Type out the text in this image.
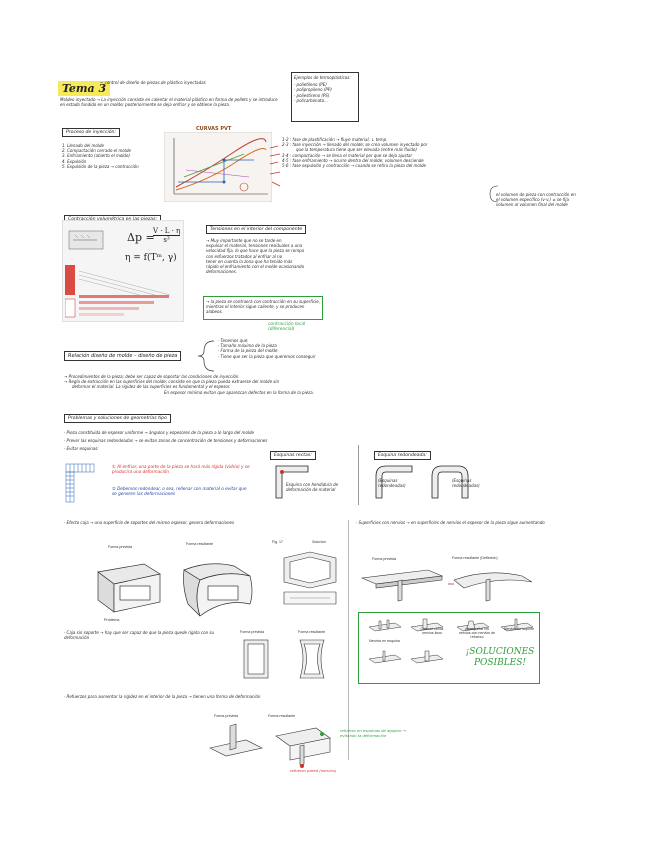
Tema 3
~ control de diseño de piezas de plástico inyectadas
Moldeo inyectado → La inyección consiste en calentar el material plástico en forma de pellets y se introduce en estado fundido en un molde; posteriormente se deja enfriar y se obtiene la pieza.
Ejemplos de termoplásticos:
· polietileno (PE)
· polipropileno (PP)
· poliestireno (PS)
· policarbonato...
Proceso de inyección:
1. Llenado del molde
2. Compactación cerrado el molde
3. Enfriamiento (abierto el molde)
4. Expulsión
5. Expulsión de la pieza → contracción
CURVAS PVT
1-2 : fase de plastificación → fluye material, ↓ temp.
2-3 : fase inyección → llenado del molde; se crea volumen inyectado por
que la temperatura tiene que ser elevada (entre más fluido)
3-4 : compactación → se llena el material por que se deja ajustar
4-5 : fase enfriamiento → ocurre dentro del molde; volumen desciende
5-6 : fase expulsión y contracción → cuando se retira la pieza del molde
el volumen de pieza con contracción en el volumen específico (v-v.) ≠ se fija volumen al volumen final del molde
Δp =
$\frac{V \cdot L \cdot \eta}{\text{s³}}$
η = f(Tᵐ, γ)
Tensiones en el interior del componente
→ Muy importante que no se tarde en
expulsar el material, tensiones residuales a una
velocidad fija, lo que hace que la pieza se rompa
con esfuerzos tratados al enfriar al no
tener en cuenta la zona que ha tenido más
rápido el enfriamiento con el molde ocasionando deformaciones.
→ la pieza se contraerá con contracción en su superficie, mientras el interior sigue caliente, y se producen alabeos.
contracción local (diferencial)
Relación diseño de molde – diseño de pieza
· Tenemos que:
· Tamaño máximo de la pieza
· Forma de la pieza del molde
· Tiene que ser la pieza que queremos conseguir
→ Procedimientos de la pieza; debe ser capaz de soportar las condiciones de inyección.
→ Regla de extracción en las superficies del molde; consiste en que la pieza pueda extraerse del molde sin
deformar el material. La rigidez de las superficies es fundamental y el espesor.
En espesor mínimo evitan que aparezcan defectos en la forma de la pieza.
Problemas y soluciones de geometrías tipo
· Pieza constituida de espesor uniforme → ángulos y espesores de la pieza a lo largo del molde
· Prever las esquinas redondeadas → se evitan zonas de concentración de tensiones y deformaciones
· Evitar esquinas:
① Al enfriar, una parte de la pieza se hará más rígida (vidrio) y se producirá una deformación
② Debemos redondear, o sea, rellenar con material o evitar que se generen las deformaciones
Esquinas rectas:
Esquina con hendidura de deformación de material
Esquina redondeada:
(Esquinas redondeadas)
(Esquinas redondeadas)
· Efecto caja → una superficie de soportes del mismo espesor, genera deformaciones
Forma prevista
Forma resultante
Problema
Fig. 17	Solución
· Caja sin soporte → hay que ser capaz de que la pieza quede rígida con su deformación
Forma prevista	Forma resultante
· Refuerzos para aumentar la rigidez en el interior de la pieza → tienen una forma de deformación
Forma prevista	Forma resultante
refuerzo en esquinas de agujero → evitando la deformación
refuerzo pared (nervios)
· Superficies con nervios → en superficies de nervios el espesor de la pieza sigue aumentando
Forma prevista	Forma resultante (Deflexión)
Colocar varios nervios lisos
Acompañar los nervios con nervios de refuerzo
Nervios de soporte
Nervios en esquina
¡SOLUCIONES POSIBLES!
